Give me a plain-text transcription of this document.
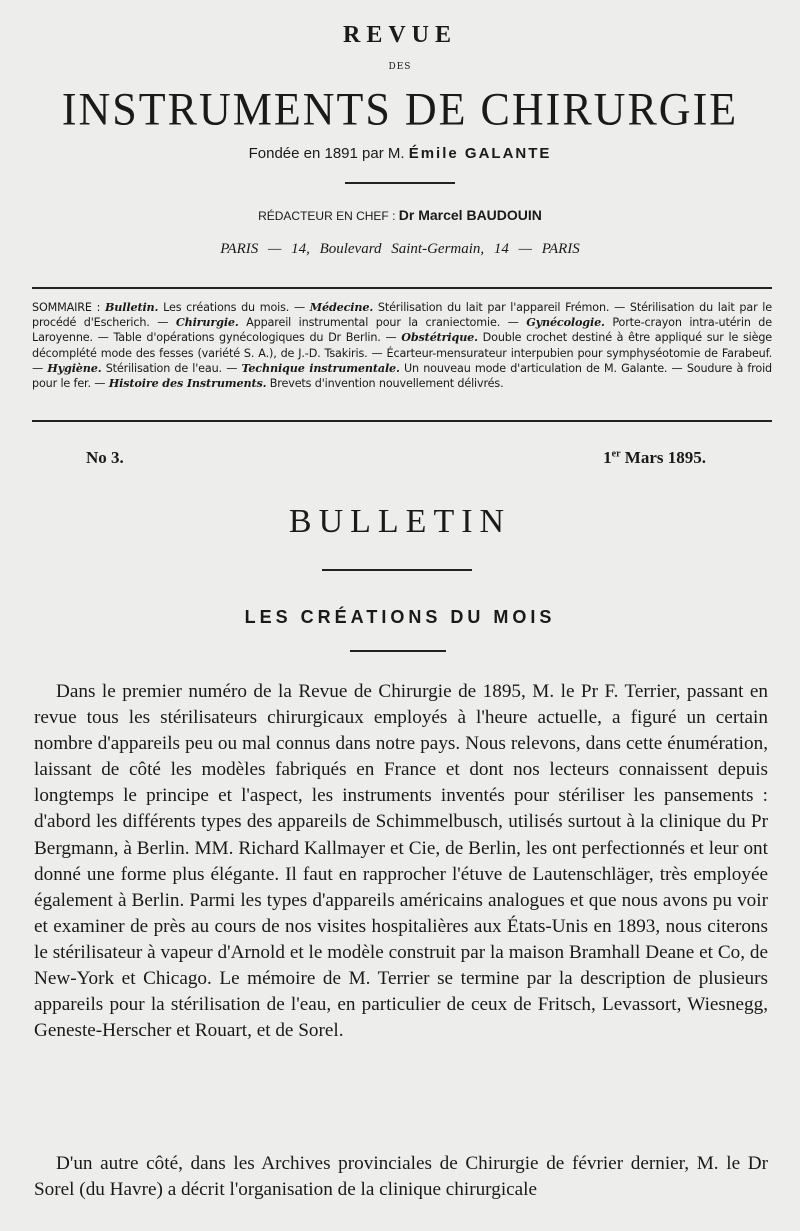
REVUE
DES
INSTRUMENTS DE CHIRURGIE
Fondée en 1891 par M. Émile GALANTE
RÉDACTEUR EN CHEF : Dr Marcel BAUDOUIN
PARIS — 14, Boulevard Saint-Germain, 14 — PARIS
SOMMAIRE : Bulletin. Les créations du mois. — Médecine. Stérilisation du lait par l'appareil Frémon. — Stérilisation du lait par le procédé d'Escherich. — Chirurgie. Appareil instrumental pour la craniectomie. — Gynécologie. Porte-crayon intra-utérin de Laroyenne. — Table d'opérations gynécologiques du Dr Berlin. — Obstétrique. Double crochet destiné à être appliqué sur le siège décomplété mode des fesses (variété S. A.), de J.-D. Tsakiris. — Écarteur-mensurateur interpubien pour symphyséotomie de Farabeuf. — Hygiène. Stérilisation de l'eau. — Technique instrumentale. Un nouveau mode d'articulation de M. Galante. — Soudure à froid pour le fer. — Histoire des Instruments. Brevets d'invention nouvellement délivrés.
No 3.	1er Mars 1895.
BULLETIN
LES CRÉATIONS DU MOIS

Dans le premier numéro de la Revue de Chirurgie de 1895, M. le Pr F. Terrier, passant en revue tous les stérilisateurs chirurgicaux employés à l'heure actuelle, a figuré un certain nombre d'appareils peu ou mal connus dans notre pays. Nous relevons, dans cette énumération, laissant de côté les modèles fabriqués en France et dont nos lecteurs connaissent depuis longtemps le principe et l'aspect, les instruments inventés pour stériliser les pansements : d'abord les différents types des appareils de Schimmelbusch, utilisés surtout à la clinique du Pr Bergmann, à Berlin. MM. Richard Kallmayer et Cie, de Berlin, les ont perfectionnés et leur ont donné une forme plus élégante. Il faut en rapprocher l'étuve de Lautenschläger, très employée également à Berlin. Parmi les types d'appareils américains analogues et que nous avons pu voir et examiner de près au cours de nos visites hospitalières aux États-Unis en 1893, nous citerons le stérilisateur à vapeur d'Arnold et le modèle construit par la maison Bramhall Deane et Co, de New-York et Chicago. Le mémoire de M. Terrier se termine par la description de plusieurs appareils pour la stérilisation de l'eau, en particulier de ceux de Fritsch, Levassort, Wiesnegg, Geneste-Herscher et Rouart, et de Sorel.

D'un autre côté, dans les Archives provinciales de Chirurgie de février dernier, M. le Dr Sorel (du Havre) a décrit l'organisation de la clinique chirurgicale
